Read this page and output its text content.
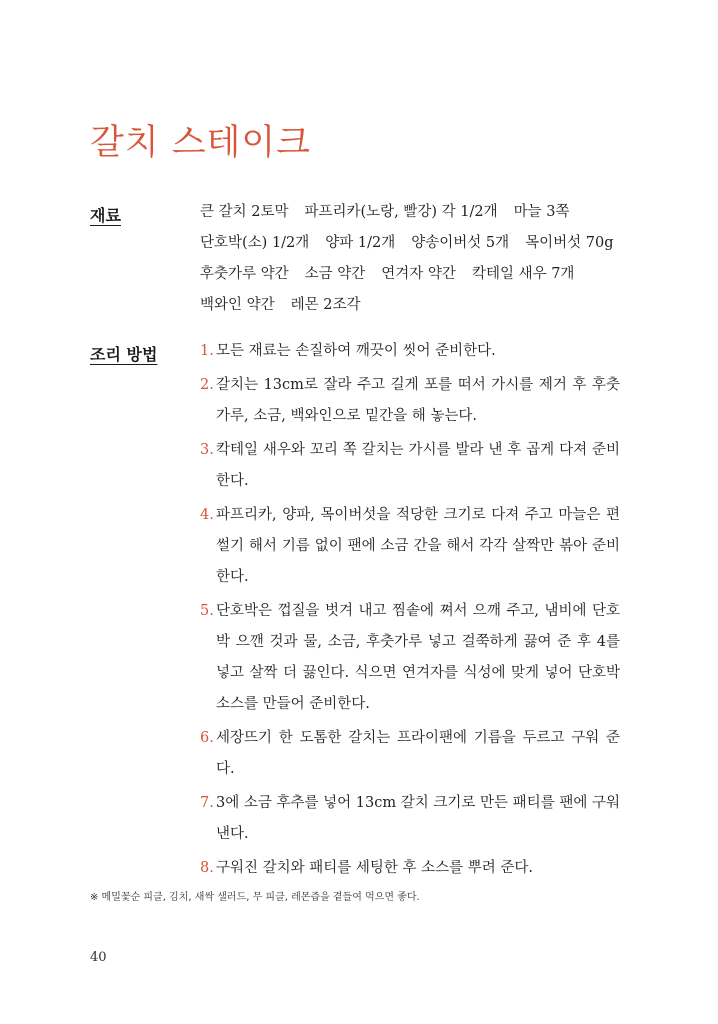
갈치 스테이크
재료	큰 갈치 2토막 파프리카(노랑, 빨강) 각 1/2개 마늘 3쪽
단호박(소) 1/2개 양파 1/2개 양송이버섯 5개 목이버섯 70g
후춧가루 약간 소금 약간 연겨자 약간 칵테일 새우 7개
백와인 약간 레몬 2조각
조리 방법	1. 모든 재료는 손질하여 깨끗이 씻어 준비한다.
2. 갈치는 13cm로 잘라 주고 길게 포를 떠서 가시를 제거 후 후춧가루, 소금, 백와인으로 밑간을 해 놓는다.
3. 칵테일 새우와 꼬리 쪽 갈치는 가시를 발라 낸 후 곱게 다져 준비한다.
4. 파프리카, 양파, 목이버섯을 적당한 크기로 다져 주고 마늘은 편썰기 해서 기름 없이 팬에 소금 간을 해서 각각 살짝만 볶아 준비한다.
5. 단호박은 껍질을 벗겨 내고 찜솥에 쪄서 으깨 주고, 냄비에 단호박 으깬 것과 물, 소금, 후춧가루 넣고 걸쭉하게 끓여 준 후 4를 넣고 살짝 더 끓인다. 식으면 연겨자를 식성에 맞게 넣어 단호박 소스를 만들어 준비한다.
6. 세장뜨기 한 도톰한 갈치는 프라이팬에 기름을 두르고 구워 준다.
7. 3에 소금 후추를 넣어 13cm 갈치 크기로 만든 패티를 팬에 구워 낸다.
8. 구워진 갈치와 패티를 세팅한 후 소스를 뿌려 준다.
※ 메밀꽃순 피클, 김치, 새싹 샐러드, 무 피클, 레몬즙을 곁들여 먹으면 좋다.
40
